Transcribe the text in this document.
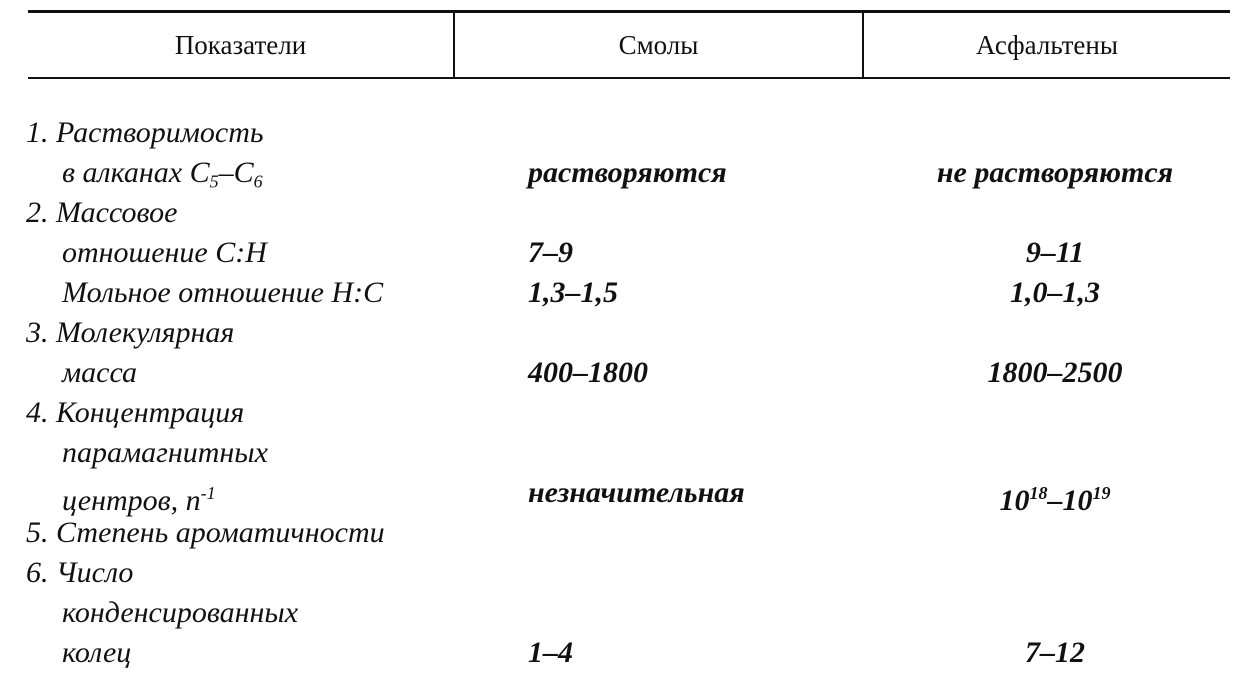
Показатели	Смолы	Асфальтены
1. Растворимость
в алканах $C_5-C_6$	растворяются	не растворяются
2. Массовое
отношение C:H	7–9	9–11
Мольное отношение H:C	1,3–1,5	1,0–1,3
3. Молекулярная
масса	400–1800	1800–2500
4. Концентрация
парамагнитных
центров, $n^{-1}$	незначительная	$10^{18}-10^{19}$
5. Степень ароматичности
6. Число
конденсированных
колец	1–4	7–12
